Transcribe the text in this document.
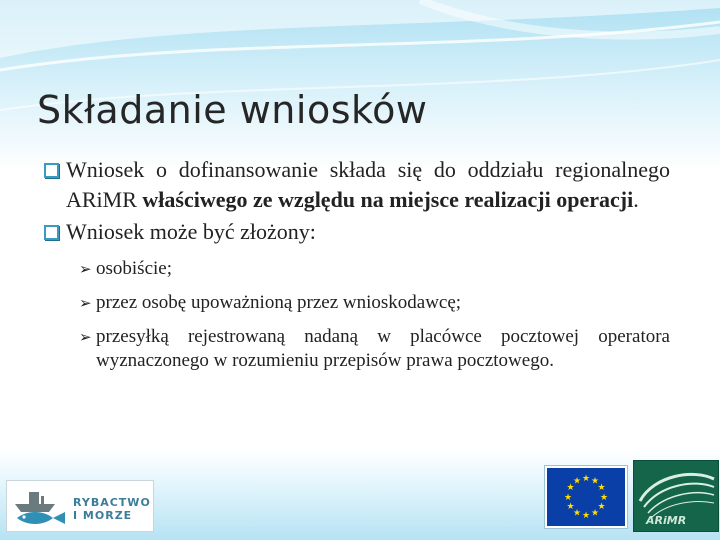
Składanie wniosków

Wniosek o dofinansowanie składa się do oddziału regionalnego ARiMR właściwego ze względu na miejsce realizacji operacji.

Wniosek może być złożony:

➢ osobiście;

➢ przez osobę upoważnioną przez wnioskodawcę;

➢ przesyłką rejestrowaną nadaną w placówce pocztowej operatora wyznaczonego w rozumieniu przepisów prawa pocztowego.

RYBACTWO
I MORZE
★ ★
★
★
★
★
★
★
★
★
★
★
ARiMR
